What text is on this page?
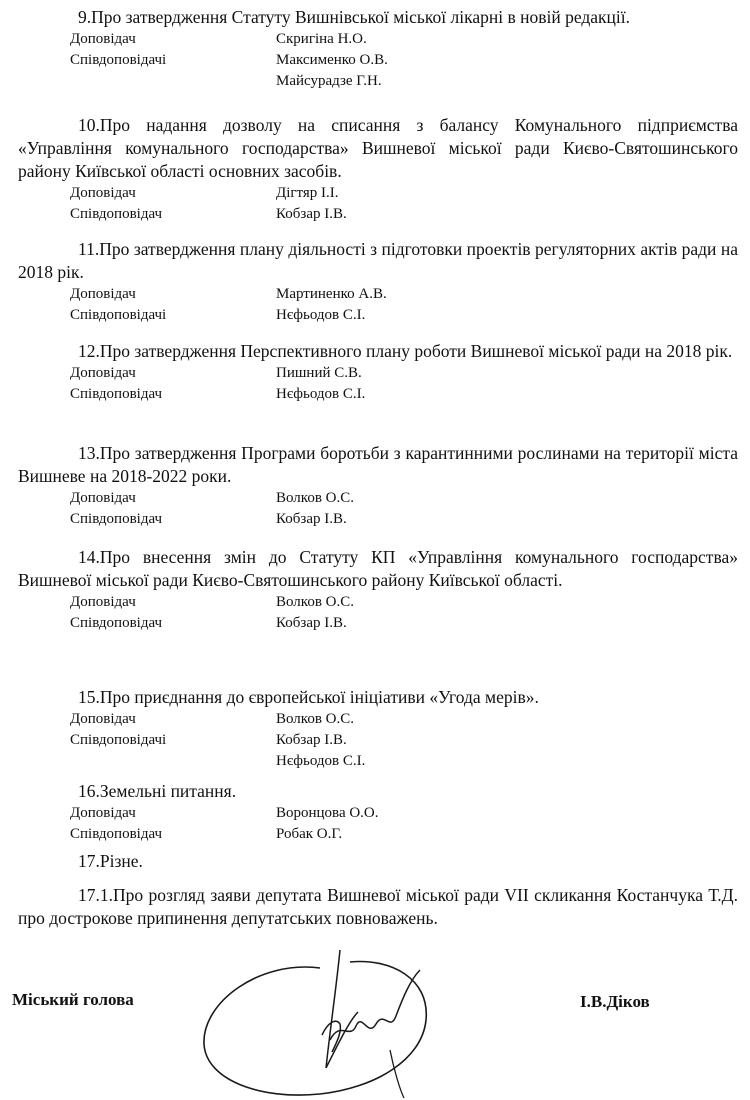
9.Про затвердження Статуту Вишнівської міської лікарні в новій редакції.

Доповідач	Скригіна Н.О.
Співдоповідачі	Максименко О.В.
Майсурадзе Г.Н.

10.Про надання дозволу на списання з балансу Комунального підприємства «Управління комунального господарства» Вишневої міської ради Києво-Святошинського району Київської області основних засобів.

Доповідач	Дігтяр І.І.
Співдоповідач	Кобзар І.В.

11.Про затвердження плану діяльності з підготовки проектів регуляторних актів ради на 2018 рік.

Доповідач	Мартиненко А.В.
Співдоповідачі	Нєфьодов С.І.

12.Про затвердження Перспективного плану роботи Вишневої міської ради на 2018 рік.

Доповідач	Пишний С.В.
Співдоповідач	Нєфьодов С.І.

13.Про затвердження Програми боротьби з карантинними рослинами на території міста Вишневе на 2018-2022 роки.

Доповідач	Волков О.С.
Співдоповідач	Кобзар І.В.

14.Про внесення змін до Статуту КП «Управління комунального господарства» Вишневої міської ради Києво-Святошинського району Київської області.

Доповідач	Волков О.С.
Співдоповідач	Кобзар І.В.

15.Про приєднання до європейської ініціативи «Угода мерів».

Доповідач	Волков О.С.
Співдоповідачі	Кобзар І.В.
Нєфьодов С.І.

16.Земельні питання.

Доповідач	Воронцова О.О.
Співдоповідач	Робак О.Г.

17.Різне.

17.1.Про розгляд заяви депутата Вишневої міської ради VII скликання Костанчука Т.Д. про дострокове припинення депутатських повноважень.

Міський голова	І.В.Діков
